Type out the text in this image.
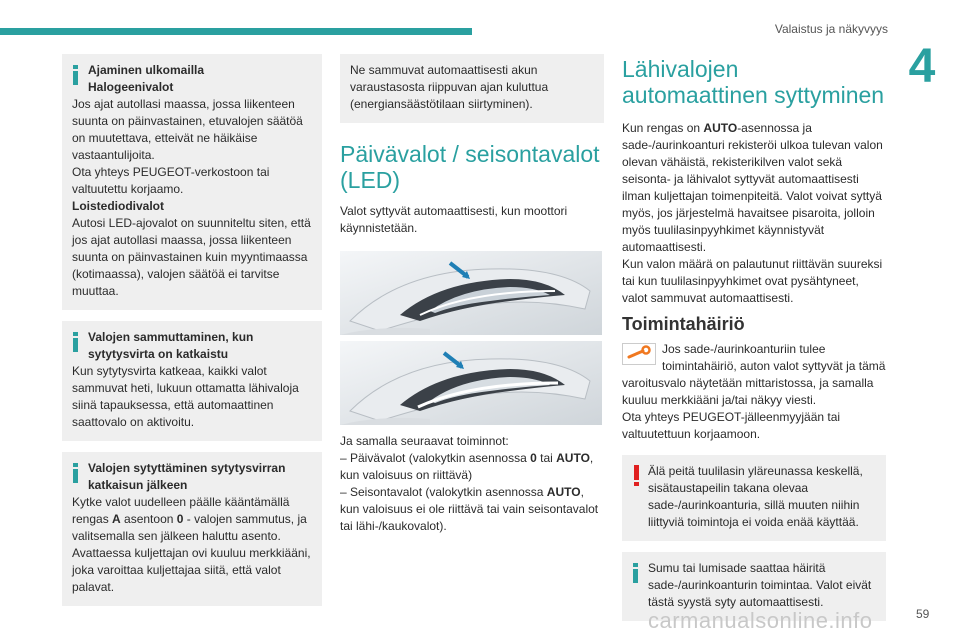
Valaistus ja näkyvyys
4

Ajaminen ulkomailla

Halogeenivalot

Jos ajat autollasi maassa, jossa liikenteen suunta on päinvastainen, etuvalojen säätöä on muutettava, etteivät ne häikäise vastaantulijoita.

Ota yhteys PEUGEOT-verkostoon tai valtuutettu korjaamo.

Loistediodivalot

Autosi LED-ajovalot on suunniteltu siten, että jos ajat autollasi maassa, jossa liikenteen suunta on päinvastainen kuin myyntimaassa (kotimaassa), valojen säätöä ei tarvitse muuttaa.

Valojen sammuttaminen, kun sytytysvirta on katkaistu

Kun sytytysvirta katkeaa, kaikki valot sammuvat heti, lukuun ottamatta lähivaloja siinä tapauksessa, että automaattinen saattovalo on aktivoitu.

Valojen sytyttäminen sytytysvirran katkaisun jälkeen

Kytke valot uudelleen päälle kääntämällä rengas A asentoon 0 - valojen sammutus, ja valitsemalla sen jälkeen haluttu asento.

Avattaessa kuljettajan ovi kuuluu merkkiääni, joka varoittaa kuljettajaa siitä, että valot palavat.

Ne sammuvat automaattisesti akun varaustasosta riippuvan ajan kuluttua (energiansäästötilaan siirtyminen).

Päivävalot / seisontavalot (LED)

Valot syttyvät automaattisesti, kun moottori käynnistetään.

Ja samalla seuraavat toiminnot:

– Päivävalot (valokytkin asennossa 0 tai AUTO, kun valoisuus on riittävä)

– Seisontavalot (valokytkin asennossa AUTO, kun valoisuus ei ole riittävä tai vain seisontavalot tai lähi-/kaukovalot).

Lähivalojen automaattinen syttyminen

Kun rengas on AUTO-asennossa ja sade-/aurinkoanturi rekisteröi ulkoa tulevan valon olevan vähäistä, rekisterikilven valot sekä seisonta- ja lähivalot syttyvät automaattisesti ilman kuljettajan toimenpiteitä. Valot voivat syttyä myös, jos järjestelmä havaitsee pisaroita, jolloin myös tuulilasinpyyhkimet käynnistyvät automaattisesti.

Kun valon määrä on palautunut riittävän suureksi tai kun tuulilasinpyyhkimet ovat pysähtyneet, valot sammuvat automaattisesti.

Toimintahäiriö

Jos sade-/aurinkoanturiin tulee toimintahäiriö, auton valot syttyvät ja tämä varoitusvalo näytetään mittaristossa, ja samalla kuuluu merkkiääni ja/tai näkyy viesti.

Ota yhteys PEUGEOT-jälleenmyyjään tai valtuutettuun korjaamoon.

Älä peitä tuulilasin yläreunassa keskellä, sisätaustapeilin takana olevaa sade-/aurinkoanturia, sillä muuten niihin liittyviä toimintoja ei voida enää käyttää.

Sumu tai lumisade saattaa häiritä sade-/aurinkoanturin toimintaa. Valot eivät tästä syystä syty automaattisesti.

59
carmanualsonline.info
